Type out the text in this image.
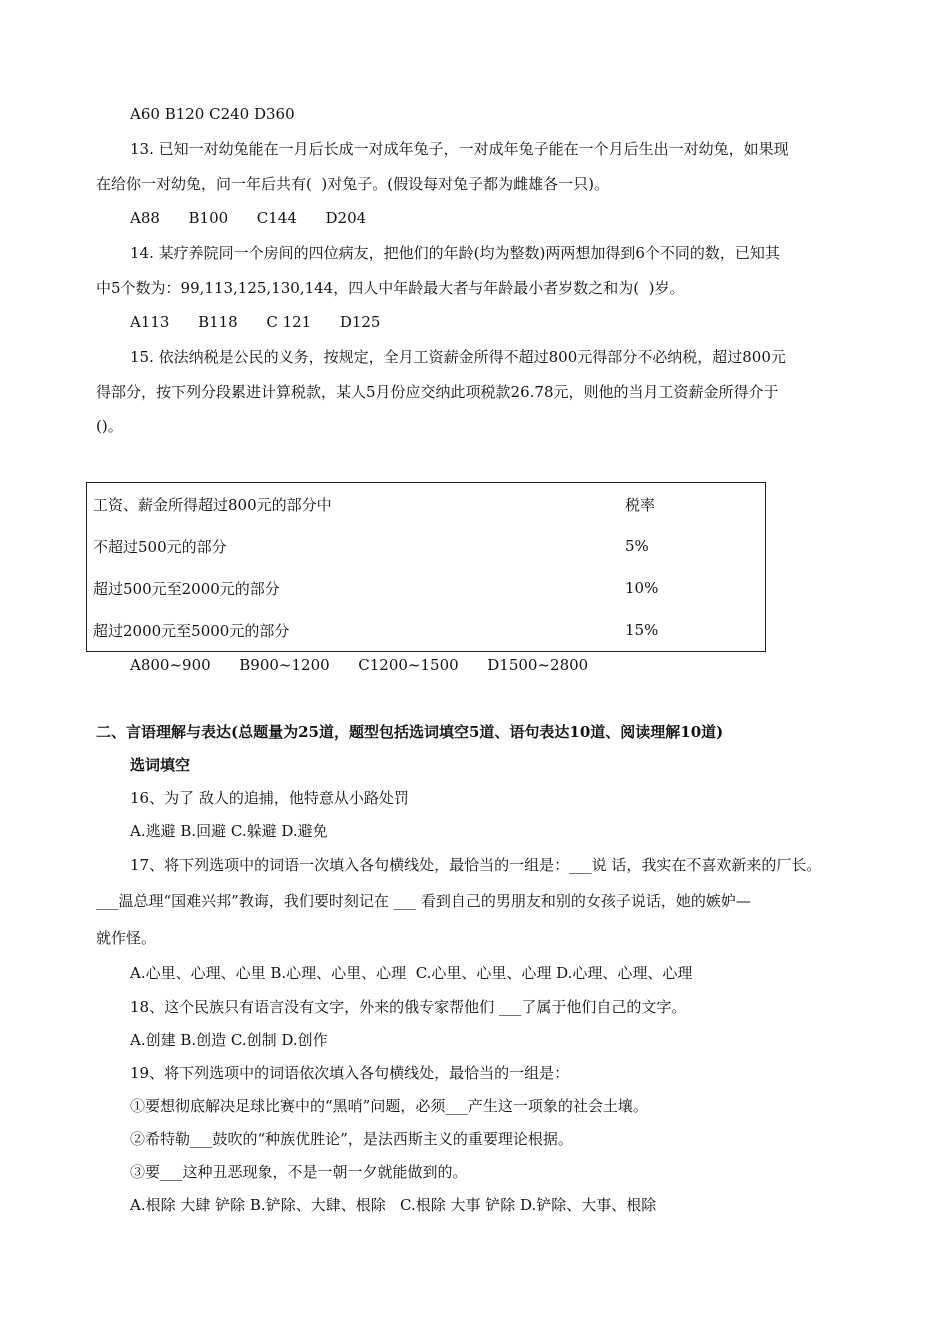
A60 B120 C240 D360
13. 已知一对幼兔能在一月后长成一对成年兔子，一对成年兔子能在一个月后生出一对幼兔，如果现
在给你一对幼兔，问一年后共有(  )对兔子。(假设每对兔子都为雌雄各一只)。
A88      B100      C144      D204
14. 某疗养院同一个房间的四位病友，把他们的年龄(均为整数)两两想加得到6个不同的数，已知其
中5个数为：99,113,125,130,144，四人中年龄最大者与年龄最小者岁数之和为(  )岁。
A113      B118      C 121      D125
15. 依法纳税是公民的义务，按规定，全月工资薪金所得不超过800元得部分不必纳税，超过800元
得部分，按下列分段累进计算税款，某人5月份应交纳此项税款26.78元，则他的当月工资薪金所得介于
()。
工资、薪金所得超过800元的部分中	税率
不超过500元的部分	5%
超过500元至2000元的部分	10%
超过2000元至5000元的部分	15%
A800~900      B900~1200      C1200~1500      D1500~2800
二、言语理解与表达(总题量为25道，题型包括选词填空5道、语句表达10道、阅读理解10道)
选词填空
16、为了 敌人的追捕，他特意从小路处罚
A.逃避 B.回避 C.躲避 D.避免
17、将下列选项中的词语一次填入各句横线处，最恰当的一组是：___说 话，我实在不喜欢新来的厂长。
___温总理“国难兴邦”教诲，我们要时刻记在 ___ 看到自己的男朋友和别的女孩子说话，她的嫉妒—
就作怪。
A.心里、心理、心里 B.心理、心里、心理  C.心里、心里、心理 D.心理、心理、心理
18、这个民族只有语言没有文字，外来的俄专家帮他们 ___了属于他们自己的文字。
A.创建 B.创造 C.创制 D.创作
19、将下列选项中的词语依次填入各句横线处，最恰当的一组是：
①要想彻底解决足球比赛中的“黑哨”问题，必须___产生这一项象的社会土壤。
②希特勒___鼓吹的“种族优胜论”，是法西斯主义的重要理论根据。
③要___这种丑恶现象，不是一朝一夕就能做到的。
A.根除 大肆 铲除 B.铲除、大肆、根除   C.根除 大事 铲除 D.铲除、大事、根除
